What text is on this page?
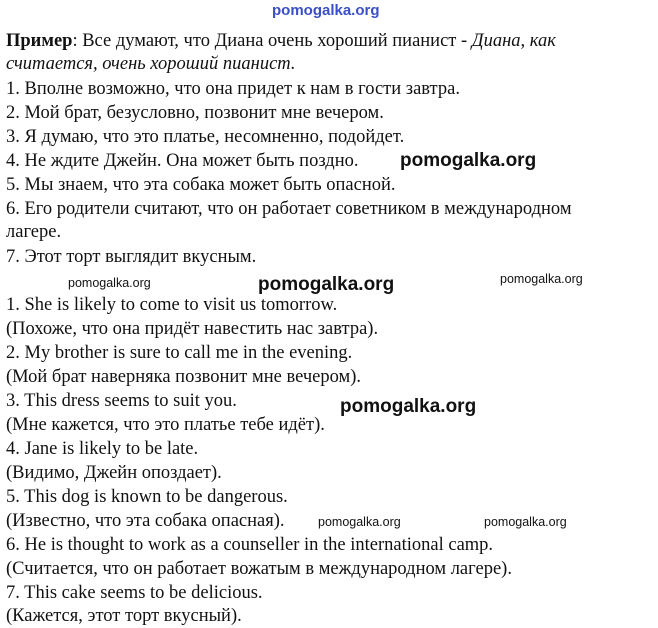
pomogalka.org
Пример: Все думают, что Диана очень хороший пианист - Диана, как
считается, очень хороший пианист.
1. Вполне возможно, что она придет к нам в гости завтра.
2. Мой брат, безусловно, позвонит мне вечером.
3. Я думаю, что это платье, несомненно, подойдет.
4. Не ждите Джейн. Она может быть поздно.
5. Мы знаем, что эта собака может быть опасной.
6. Его родители считают, что он работает советником в международном
лагере.
7. Этот торт выглядит вкусным.
pomogalka.org
pomogalka.org	pomogalka.org	pomogalka.org
1. She is likely to come to visit us tomorrow.
(Похоже, что она придёт навестить нас завтра).
2. My brother is sure to call me in the evening.
(Мой брат наверняка позвонит мне вечером).
3. This dress seems to suit you.
(Мне кажется, что это платье тебе идёт).
4. Jane is likely to be late.
(Видимо, Джейн опоздает).
5. This dog is known to be dangerous.
(Известно, что эта собака опасная).
6. He is thought to work as a counseller in the international camp.
(Считается, что он работает вожатым в международном лагере).
7. This cake seems to be delicious.
(Кажется, этот торт вкусный).
pomogalka.org
pomogalka.org	pomogalka.org
